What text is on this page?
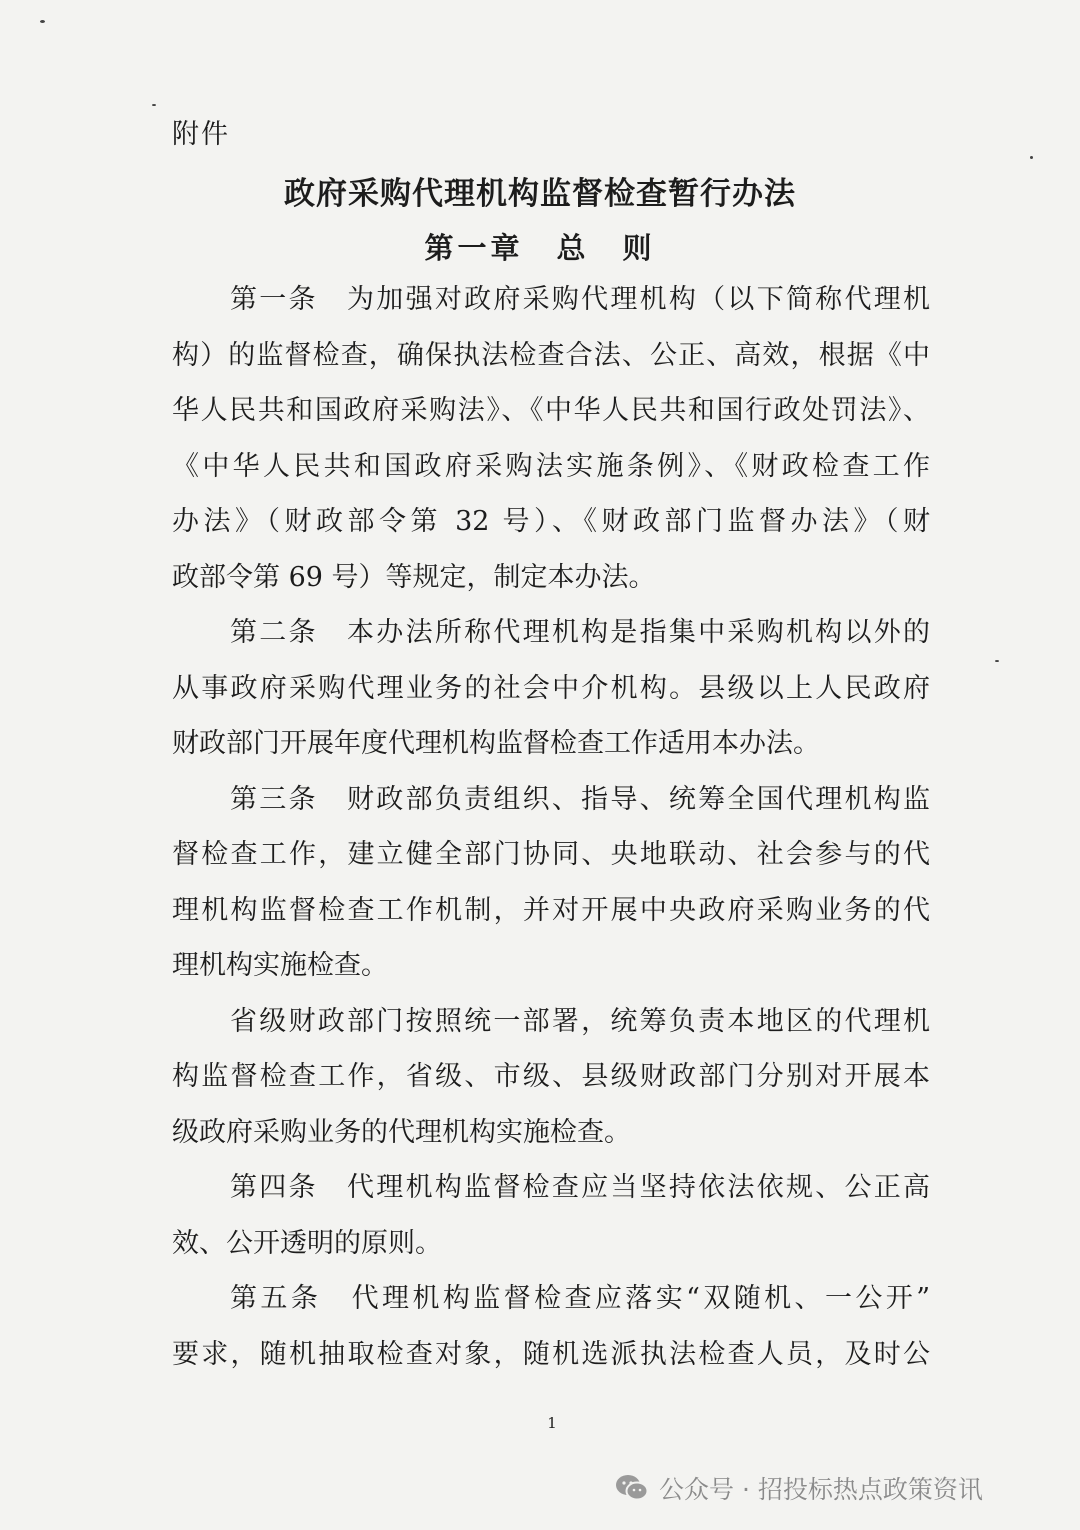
附件
政府采购代理机构监督检查暂行办法
第一章　总　则
第一条　为加强对政府采购代理机构（以下简称代理机
构）的监督检查，确保执法检查合法、公正、高效，根据《中
华人民共和国政府采购法》、《中华人民共和国行政处罚法》、
《中华人民共和国政府采购法实施条例》、《财政检查工作
办法》（财政部令第 32 号）、《财政部门监督办法》（财
政部令第 69 号）等规定，制定本办法。
第二条　本办法所称代理机构是指集中采购机构以外的
从事政府采购代理业务的社会中介机构。县级以上人民政府
财政部门开展年度代理机构监督检查工作适用本办法。
第三条　财政部负责组织、指导、统筹全国代理机构监
督检查工作，建立健全部门协同、央地联动、社会参与的代
理机构监督检查工作机制，并对开展中央政府采购业务的代
理机构实施检查。
省级财政部门按照统一部署，统筹负责本地区的代理机
构监督检查工作，省级、市级、县级财政部门分别对开展本
级政府采购业务的代理机构实施检查。
第四条　代理机构监督检查应当坚持依法依规、公正高
效、公开透明的原则。
第五条　代理机构监督检查应落实“双随机、一公开”
要求，随机抽取检查对象，随机选派执法检查人员，及时公
1
公众号 · 招投标热点政策资讯
